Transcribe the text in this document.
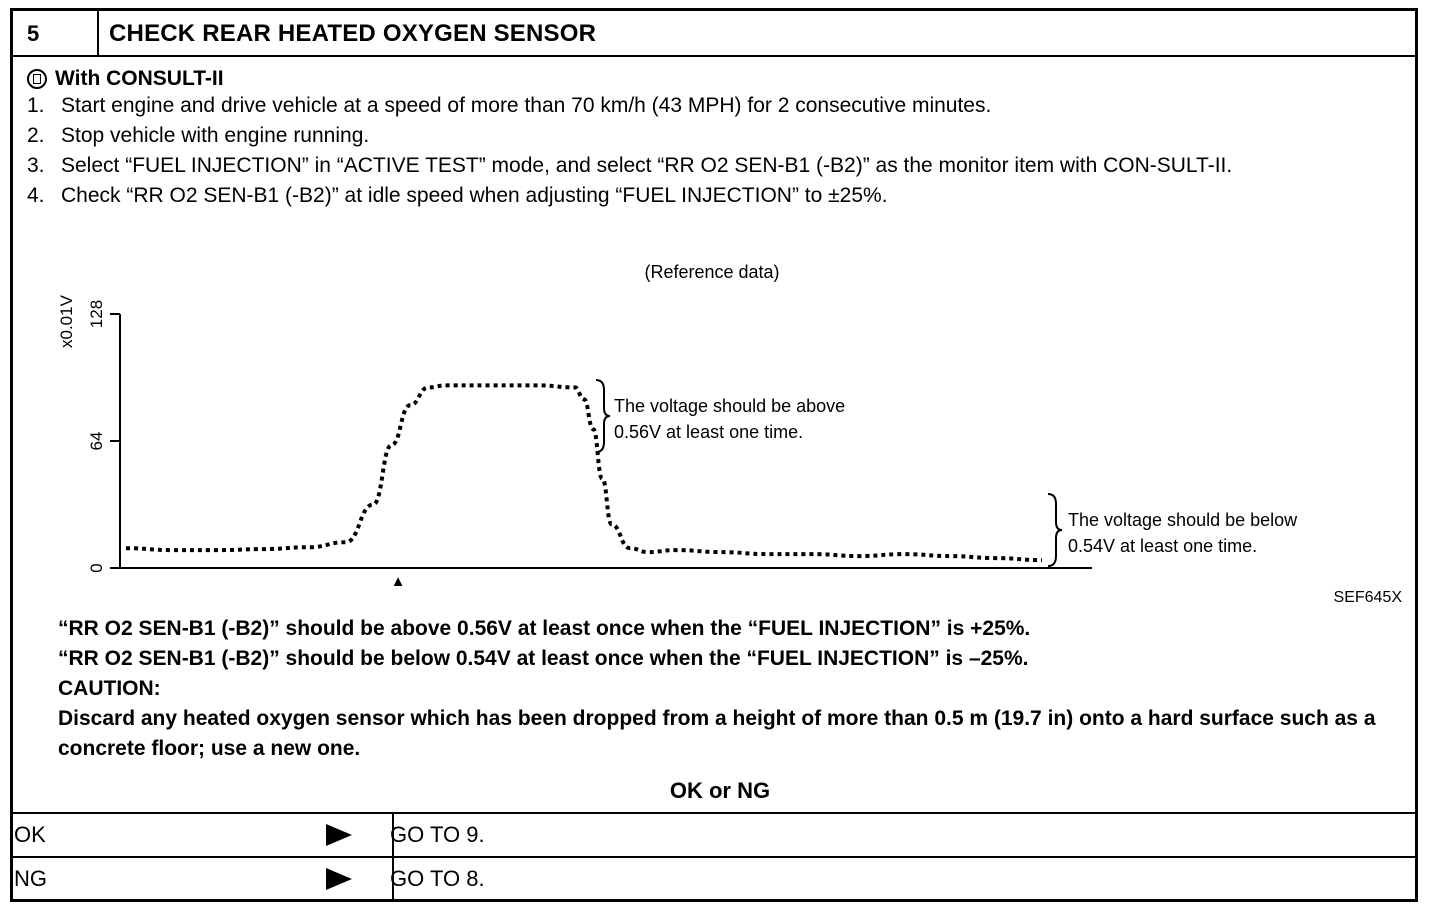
5	CHECK REAR HEATED OXYGEN SENSOR
With CONSULT-II
1. Start engine and drive vehicle at a speed of more than 70 km/h (43 MPH) for 2 consecutive minutes.
2. Stop vehicle with engine running.
3. Select “FUEL INJECTION” in “ACTIVE TEST” mode, and select “RR O2 SEN-B1 (-B2)” as the monitor item with CON-SULT-II.
4. Check “RR O2 SEN-B1 (-B2)” at idle speed when adjusting “FUEL INJECTION” to ±25%.
(Reference data)
x0.01V
0
64
128
▲
The voltage should be above
0.56V at least one time.
The voltage should be below
0.54V at least one time.
SEF645X
“RR O2 SEN-B1 (-B2)” should be above 0.56V at least once when the “FUEL INJECTION” is +25%.
“RR O2 SEN-B1 (-B2)” should be below 0.54V at least once when the “FUEL INJECTION” is –25%.
CAUTION:
Discard any heated oxygen sensor which has been dropped from a height of more than 0.5 m (19.7 in) onto a hard surface such as a concrete floor; use a new one.
OK or NG
OK	GO TO 9.
NG	GO TO 8.
